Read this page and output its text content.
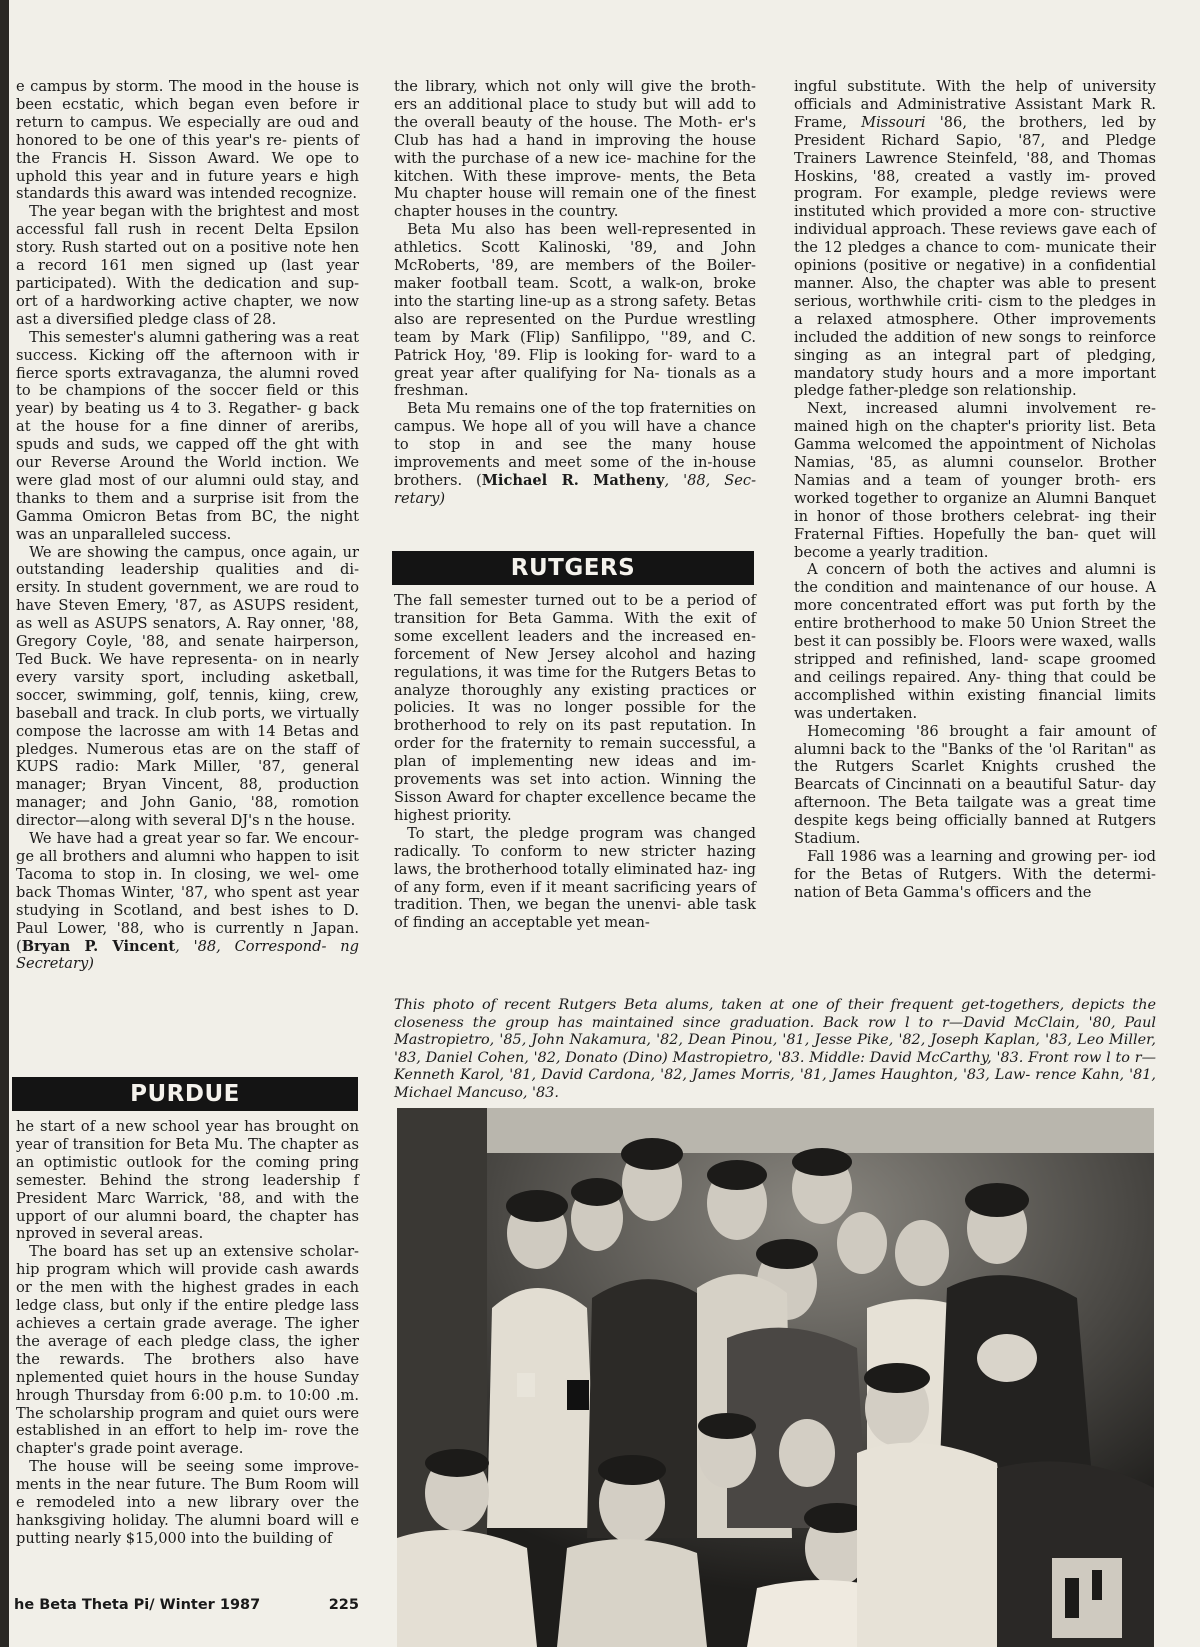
e campus by storm. The mood in the house is been ecstatic, which began even before ir return to campus. We especially are oud and honored to be one of this year's re- pients of the Francis H. Sisson Award. We ope to uphold this year and in future years e high standards this award was intended recognize.

The year began with the brightest and most accessful fall rush in recent Delta Epsilon story. Rush started out on a positive note hen a record 161 men signed up (last year participated). With the dedication and sup- ort of a hardworking active chapter, we now ast a diversified pledge class of 28.

This semester's alumni gathering was a reat success. Kicking off the afternoon with ir fierce sports extravaganza, the alumni roved to be champions of the soccer field or this year) by beating us 4 to 3. Regather- g back at the house for a fine dinner of areribs, spuds and suds, we capped off the ght with our Reverse Around the World inction. We were glad most of our alumni ould stay, and thanks to them and a surprise isit from the Gamma Omicron Betas from BC, the night was an unparalleled success.

We are showing the campus, once again, ur outstanding leadership qualities and di- ersity. In student government, we are roud to have Steven Emery, '87, as ASUPS resident, as well as ASUPS senators, A. Ray onner, '88, Gregory Coyle, '88, and senate hairperson, Ted Buck. We have representa- on in nearly every varsity sport, including asketball, soccer, swimming, golf, tennis, kiing, crew, baseball and track. In club ports, we virtually compose the lacrosse am with 14 Betas and pledges. Numerous etas are on the staff of KUPS radio: Mark Miller, '87, general manager; Bryan Vincent, 88, production manager; and John Ganio, '88, romotion director—along with several DJ's n the house.

We have had a great year so far. We encour- ge all brothers and alumni who happen to isit Tacoma to stop in. In closing, we wel- ome back Thomas Winter, '87, who spent ast year studying in Scotland, and best ishes to D. Paul Lower, '88, who is currently n Japan. (Bryan P. Vincent, '88, Correspond- ng Secretary)

PURDUE

he start of a new school year has brought on year of transition for Beta Mu. The chapter as an optimistic outlook for the coming pring semester. Behind the strong leadership f President Marc Warrick, '88, and with the upport of our alumni board, the chapter has nproved in several areas.

The board has set up an extensive scholar- hip program which will provide cash awards or the men with the highest grades in each ledge class, but only if the entire pledge lass achieves a certain grade average. The igher the average of each pledge class, the igher the rewards. The brothers also have nplemented quiet hours in the house Sunday hrough Thursday from 6:00 p.m. to 10:00 .m. The scholarship program and quiet ours were established in an effort to help im- rove the chapter's grade point average.

The house will be seeing some improve- ments in the near future. The Bum Room will e remodeled into a new library over the hanksgiving holiday. The alumni board will e putting nearly $15,000 into the building of

the library, which not only will give the broth- ers an additional place to study but will add to the overall beauty of the house. The Moth- er's Club has had a hand in improving the house with the purchase of a new ice- machine for the kitchen. With these improve- ments, the Beta Mu chapter house will remain one of the finest chapter houses in the country.

Beta Mu also has been well-represented in athletics. Scott Kalinoski, '89, and John McRoberts, '89, are members of the Boiler- maker football team. Scott, a walk-on, broke into the starting line-up as a strong safety. Betas also are represented on the Purdue wrestling team by Mark (Flip) Sanfilippo, ''89, and C. Patrick Hoy, '89. Flip is looking for- ward to a great year after qualifying for Na- tionals as a freshman.

Beta Mu remains one of the top fraternities on campus. We hope all of you will have a chance to stop in and see the many house improvements and meet some of the in-house brothers. (Michael R. Matheny, '88, Sec- retary)

RUTGERS

The fall semester turned out to be a period of transition for Beta Gamma. With the exit of some excellent leaders and the increased en- forcement of New Jersey alcohol and hazing regulations, it was time for the Rutgers Betas to analyze thoroughly any existing practices or policies. It was no longer possible for the brotherhood to rely on its past reputation. In order for the fraternity to remain successful, a plan of implementing new ideas and im- provements was set into action. Winning the Sisson Award for chapter excellence became the highest priority.

To start, the pledge program was changed radically. To conform to new stricter hazing laws, the brotherhood totally eliminated haz- ing of any form, even if it meant sacrificing years of tradition. Then, we began the unenvi- able task of finding an acceptable yet mean-

ingful substitute. With the help of university officials and Administrative Assistant Mark R. Frame, Missouri '86, the brothers, led by President Richard Sapio, '87, and Pledge Trainers Lawrence Steinfeld, '88, and Thomas Hoskins, '88, created a vastly im- proved program. For example, pledge reviews were instituted which provided a more con- structive individual approach. These reviews gave each of the 12 pledges a chance to com- municate their opinions (positive or negative) in a confidential manner. Also, the chapter was able to present serious, worthwhile criti- cism to the pledges in a relaxed atmosphere. Other improvements included the addition of new songs to reinforce singing as an integral part of pledging, mandatory study hours and a more important pledge father-pledge son relationship.

Next, increased alumni involvement re- mained high on the chapter's priority list. Beta Gamma welcomed the appointment of Nicholas Namias, '85, as alumni counselor. Brother Namias and a team of younger broth- ers worked together to organize an Alumni Banquet in honor of those brothers celebrat- ing their Fraternal Fifties. Hopefully the ban- quet will become a yearly tradition.

A concern of both the actives and alumni is the condition and maintenance of our house. A more concentrated effort was put forth by the entire brotherhood to make 50 Union Street the best it can possibly be. Floors were waxed, walls stripped and refinished, land- scape groomed and ceilings repaired. Any- thing that could be accomplished within existing financial limits was undertaken.

Homecoming '86 brought a fair amount of alumni back to the "Banks of the 'ol Raritan" as the Rutgers Scarlet Knights crushed the Bearcats of Cincinnati on a beautiful Satur- day afternoon. The Beta tailgate was a great time despite kegs being officially banned at Rutgers Stadium.

Fall 1986 was a learning and growing per- iod for the Betas of Rutgers. With the determi- nation of Beta Gamma's officers and the

This photo of recent Rutgers Beta alums, taken at one of their frequent get-togethers, depicts the closeness the group has maintained since graduation. Back row l to r—David McClain, '80, Paul Mastropietro, '85, John Nakamura, '82, Dean Pinou, '81, Jesse Pike, '82, Joseph Kaplan, '83, Leo Miller, '83, Daniel Cohen, '82, Donato (Dino) Mastropietro, '83. Middle: David McCarthy, '83. Front row l to r—Kenneth Karol, '81, David Cardona, '82, James Morris, '81, James Haughton, '83, Law- rence Kahn, '81, Michael Mancuso, '83.
he Beta Theta Pi/ Winter 1987	225
